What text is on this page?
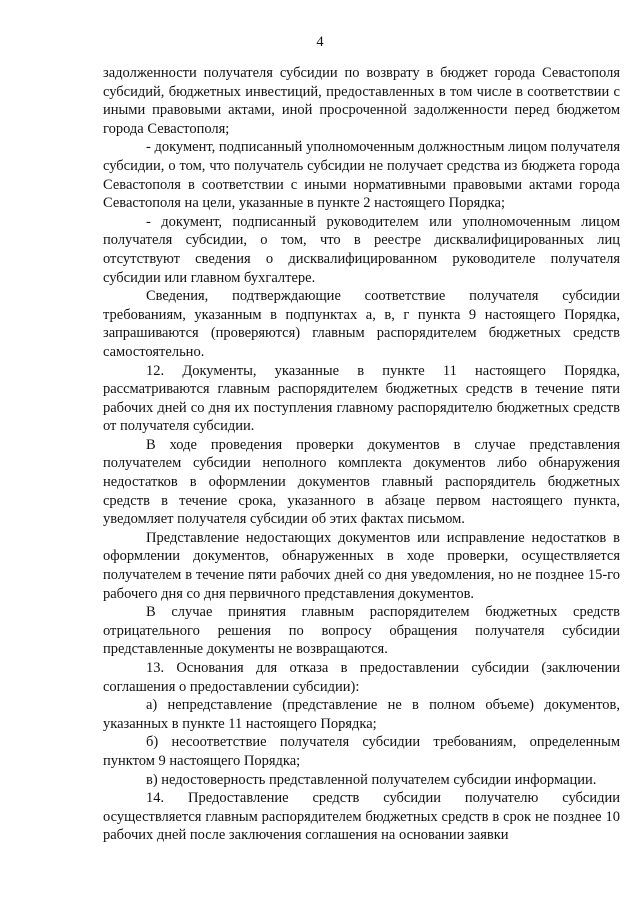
4

задолженности получателя субсидии по возврату в бюджет города Севастополя субсидий, бюджетных инвестиций, предоставленных в том числе в соответствии с иными правовыми актами, иной просроченной задолженности перед бюджетом города Севастополя;

- документ, подписанный уполномоченным должностным лицом получателя субсидии, о том, что получатель субсидии не получает средства из бюджета города Севастополя в соответствии с иными нормативными правовыми актами города Севастополя на цели, указанные в пункте 2 настоящего Порядка;

- документ, подписанный руководителем или уполномоченным лицом получателя субсидии, о том, что в реестре дисквалифицированных лиц отсутствуют сведения о дисквалифицированном руководителе получателя субсидии или главном бухгалтере.

Сведения, подтверждающие соответствие получателя субсидии требованиям, указанным в подпунктах а, в, г пункта 9 настоящего Порядка, запрашиваются (проверяются) главным распорядителем бюджетных средств самостоятельно.

12. Документы, указанные в пункте 11 настоящего Порядка, рассматриваются главным распорядителем бюджетных средств в течение пяти рабочих дней со дня их поступления главному распорядителю бюджетных средств от получателя субсидии.

В ходе проведения проверки документов в случае представления получателем субсидии неполного комплекта документов либо обнаружения недостатков в оформлении документов главный распорядитель бюджетных средств в течение срока, указанного в абзаце первом настоящего пункта, уведомляет получателя субсидии об этих фактах письмом.

Представление недостающих документов или исправление недостатков в оформлении документов, обнаруженных в ходе проверки, осуществляется получателем в течение пяти рабочих дней со дня уведомления, но не позднее 15-го рабочего дня со дня первичного представления документов.

В случае принятия главным распорядителем бюджетных средств отрицательного решения по вопросу обращения получателя субсидии представленные документы не возвращаются.

13. Основания для отказа в предоставлении субсидии (заключении соглашения о предоставлении субсидии):

а) непредставление (представление не в полном объеме) документов, указанных в пункте 11 настоящего Порядка;

б) несоответствие получателя субсидии требованиям, определенным пунктом 9 настоящего Порядка;

в) недостоверность представленной получателем субсидии информации.

14. Предоставление средств субсидии получателю субсидии осуществляется главным распорядителем бюджетных средств в срок не позднее 10 рабочих дней после заключения соглашения на основании заявки
